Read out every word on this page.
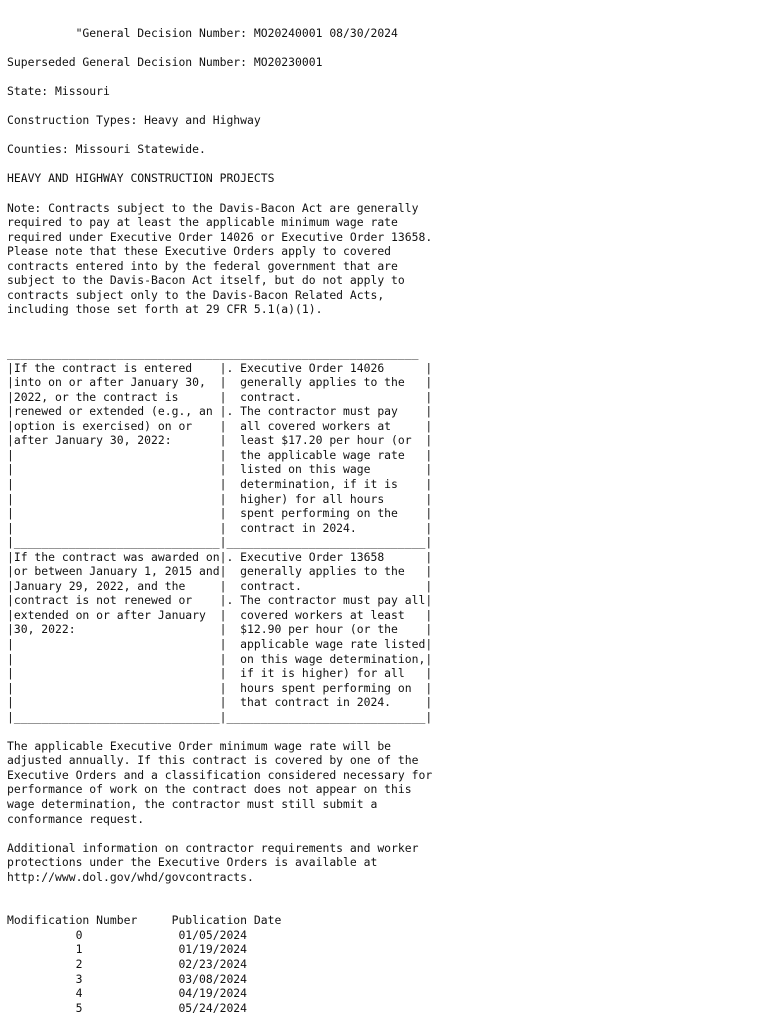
"General Decision Number: MO20240001 08/30/2024

Superseded General Decision Number: MO20230001

State: Missouri

Construction Types: Heavy and Highway

Counties: Missouri Statewide.

HEAVY AND HIGHWAY CONSTRUCTION PROJECTS

Note: Contracts subject to the Davis-Bacon Act are generally
required to pay at least the applicable minimum wage rate
required under Executive Order 14026 or Executive Order 13658.
Please note that these Executive Orders apply to covered
contracts entered into by the federal government that are
subject to the Davis-Bacon Act itself, but do not apply to
contracts subject only to the Davis-Bacon Related Acts,
including those set forth at 29 CFR 5.1(a)(1).

____________________________________________________________
|If the contract is entered    |. Executive Order 14026      |
|into on or after January 30,  |  generally applies to the   |
|2022, or the contract is      |  contract.                  |
|renewed or extended (e.g., an |. The contractor must pay    |
|option is exercised) on or    |  all covered workers at     |
|after January 30, 2022:       |  least $17.20 per hour (or  |
|                              |  the applicable wage rate   |
|                              |  listed on this wage        |
|                              |  determination, if it is    |
|                              |  higher) for all hours      |
|                              |  spent performing on the    |
|                              |  contract in 2024.          |
|______________________________|_____________________________|
|If the contract was awarded on|. Executive Order 13658      |
|or between January 1, 2015 and|  generally applies to the   |
|January 29, 2022, and the     |  contract.                  |
|contract is not renewed or    |. The contractor must pay all|
|extended on or after January  |  covered workers at least   |
|30, 2022:                     |  $12.90 per hour (or the    |
|                              |  applicable wage rate listed|
|                              |  on this wage determination,|
|                              |  if it is higher) for all   |
|                              |  hours spent performing on  |
|                              |  that contract in 2024.     |
|______________________________|_____________________________|

The applicable Executive Order minimum wage rate will be
adjusted annually. If this contract is covered by one of the
Executive Orders and a classification considered necessary for
performance of work on the contract does not appear on this
wage determination, the contractor must still submit a
conformance request.

Additional information on contractor requirements and worker
protections under the Executive Orders is available at
http://www.dol.gov/whd/govcontracts.

Modification Number     Publication Date
0              01/05/2024
1              01/19/2024
2              02/23/2024
3              03/08/2024
4              04/19/2024
5              05/24/2024
